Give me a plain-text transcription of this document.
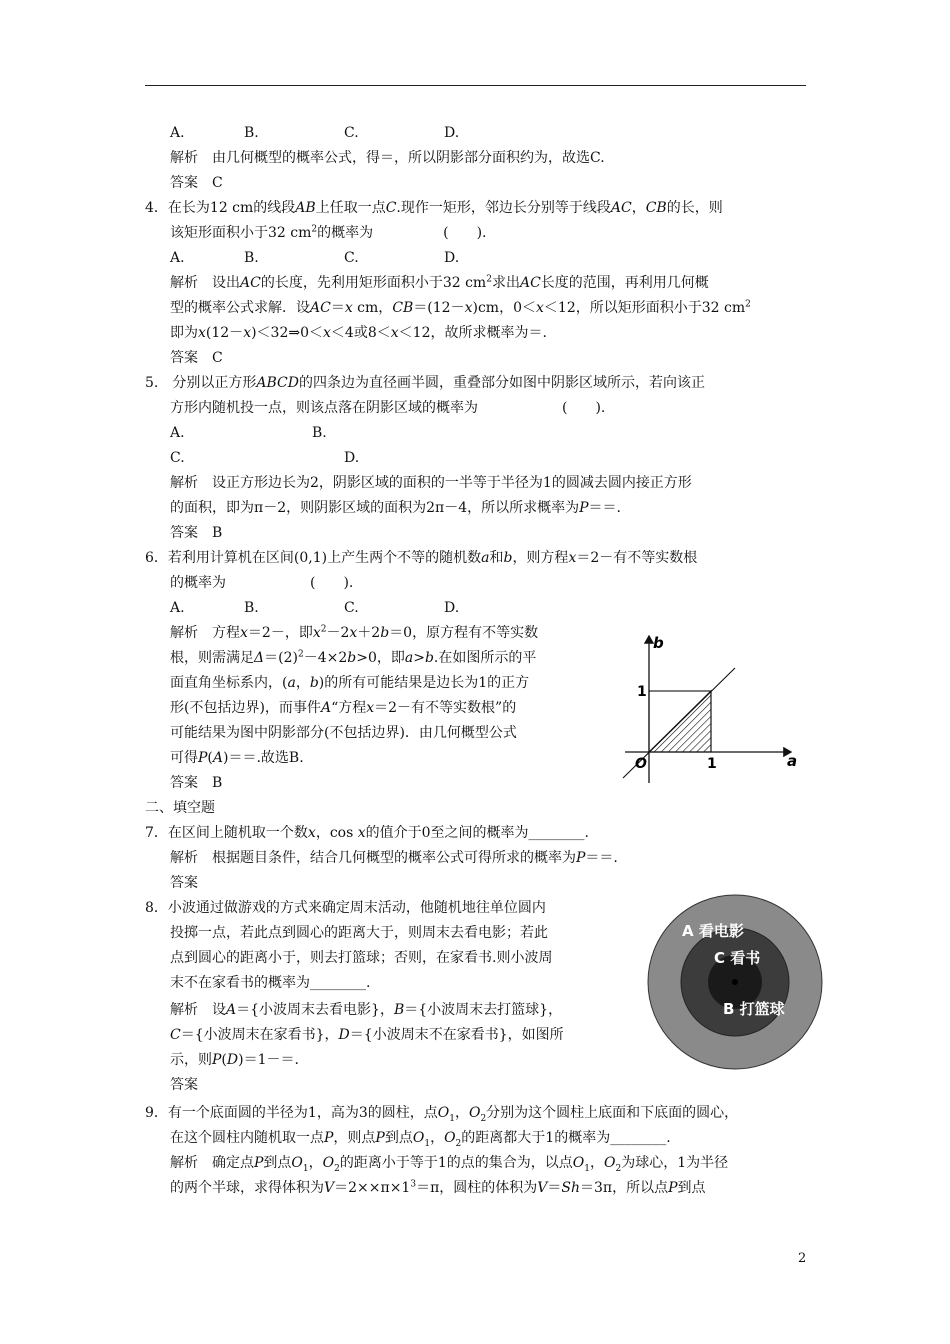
A.	B.	C.	D.
解析　由几何概型的概率公式，得＝，所以阴影部分面积约为，故选C.
答案　C
4．在长为12 cm的线段AB上任取一点C.现作一矩形，邻边长分别等于线段AC，CB的长，则
该矩形面积小于32 $cm^2$的概率为　　　　　(　　).
A.	B.	C.	D.
解析　设出AC的长度，先利用矩形面积小于32 $cm^2$求出AC长度的范围，再利用几何概
型的概率公式求解．设AC＝x cm，CB＝(12－x)cm，0＜x＜12，所以矩形面积小于32 $cm^2$
即为x(12－x)＜32⇒0＜x＜4或8＜x＜12，故所求概率为＝.
答案　C
5.　分别以正方形ABCD的四条边为直径画半圆，重叠部分如图中阴影区域所示，若向该正
方形内随机投一点，则该点落在阴影区域的概率为　　　　　　(　　).
A.	B.
C.	D.
解析　设正方形边长为2，阴影区域的面积的一半等于半径为1的圆减去圆内接正方形
的面积，即为π－2，则阴影区域的面积为2π－4，所以所求概率为P＝＝.
答案　B
6．若利用计算机在区间(0,1)上产生两个不等的随机数a和b，则方程x＝2－有不等实数根
的概率为　　　　　　(　　).
A.	B.	C.	D.
解析　方程x＝2－，即$x^2-2x+2b=0$，原方程有不等实数
根，则需满足$\Delta=(2)^2-4\times 2b>0$，即a>b.在如图所示的平
面直角坐标系内，(a，b)的所有可能结果是边长为1的正方
形(不包括边界)，而事件A“方程x＝2－有不等实数根”的
可能结果为图中阴影部分(不包括边界)．由几何概型公式
可得P(A)＝＝.故选B.
答案　B
b
a
1
1
O
二、填空题
7．在区间上随机取一个数x，cos x的值介于0至之间的概率为________.
解析　根据题目条件，结合几何概型的概率公式可得所求的概率为P＝＝.
答案
8．小波通过做游戏的方式来确定周末活动，他随机地往单位圆内
投掷一点，若此点到圆心的距离大于，则周末去看电影；若此
点到圆心的距离小于，则去打篮球；否则，在家看书.则小波周
末不在家看书的概率为________.
解析　设A＝{小波周末去看电影}，B＝{小波周末去打篮球}，
C＝{小波周末在家看书}，D＝{小波周末不在家看书}，如图所
示，则P(D)＝1－＝.
答案
A 看电影
C 看书
B 打篮球
9．有一个底面圆的半径为1，高为3的圆柱，点$O_1$，$O_2$分别为这个圆柱上底面和下底面的圆心，
在这个圆柱内随机取一点P，则点P到点$O_1$，$O_2$的距离都大于1的概率为________.
解析　确定点P到点$O_1$，$O_2$的距离小于等于1的点的集合为，以点$O_1$，$O_2$为球心，1为半径
的两个半球，求得体积为$V=2\times\times\pi\times 1^3=\pi$，圆柱的体积为V＝Sh＝3π，所以点P到点
2
